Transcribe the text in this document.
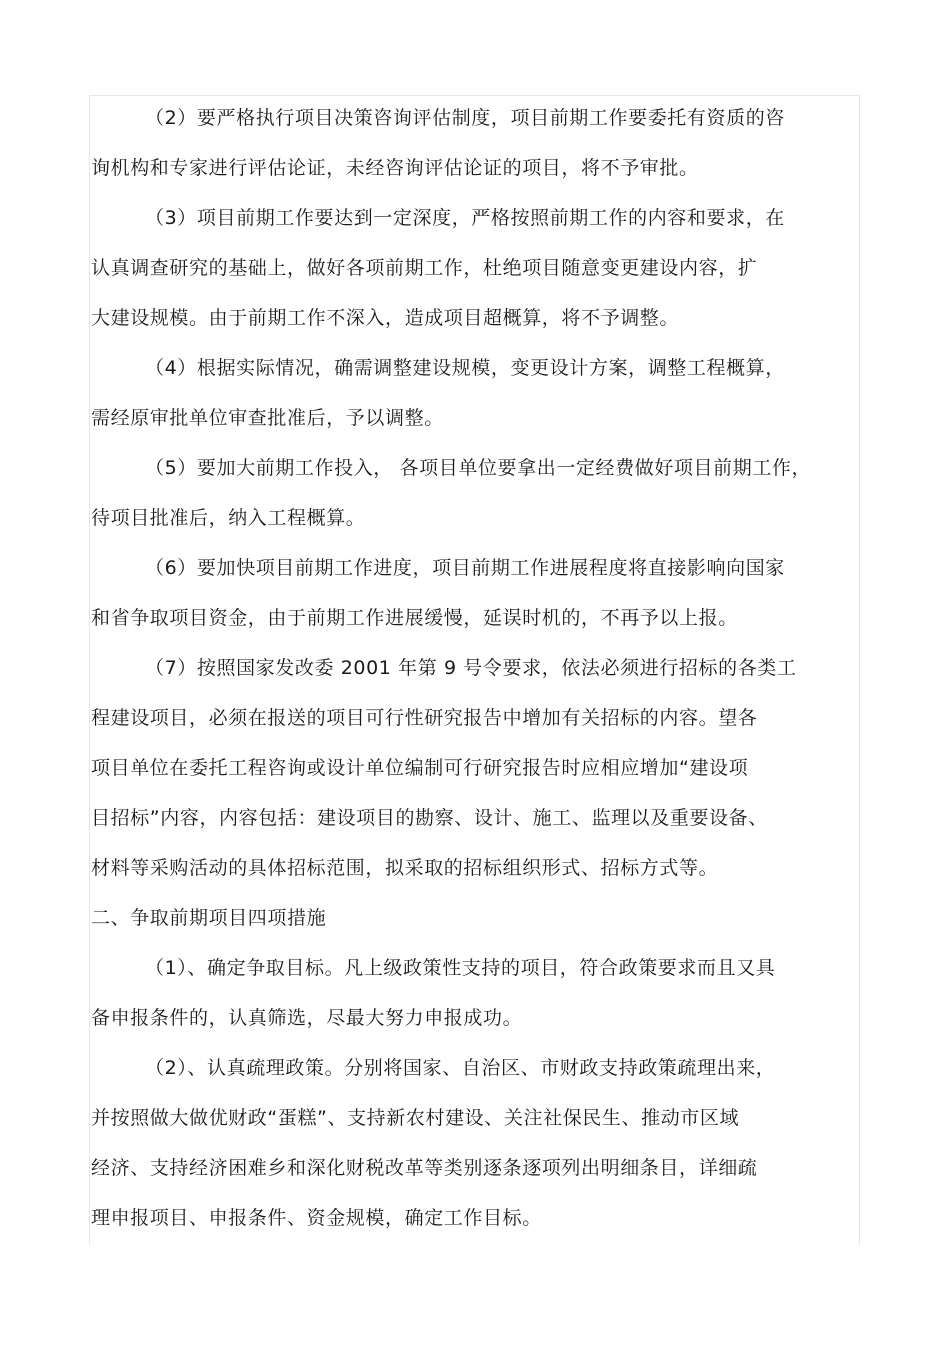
（2）要严格执行项目决策咨询评估制度，项目前期工作要委托有资质的咨
询机构和专家进行评估论证，未经咨询评估论证的项目，将不予审批。
（3）项目前期工作要达到一定深度，严格按照前期工作的内容和要求，在
认真调查研究的基础上，做好各项前期工作，杜绝项目随意变更建设内容，扩
大建设规模。由于前期工作不深入，造成项目超概算，将不予调整。
（4）根据实际情况，确需调整建设规模，变更设计方案，调整工程概算，
需经原审批单位审查批准后，予以调整。
（5）要加大前期工作投入， 各项目单位要拿出一定经费做好项目前期工作，
待项目批准后，纳入工程概算。
（6）要加快项目前期工作进度，项目前期工作进展程度将直接影响向国家
和省争取项目资金，由于前期工作进展缓慢，延误时机的，不再予以上报。
（7）按照国家发改委 2001 年第 9 号令要求，依法必须进行招标的各类工
程建设项目，必须在报送的项目可行性研究报告中增加有关招标的内容。望各
项目单位在委托工程咨询或设计单位编制可行研究报告时应相应增加“建设项
目招标”内容，内容包括：建设项目的勘察、设计、施工、监理以及重要设备、
材料等采购活动的具体招标范围，拟采取的招标组织形式、招标方式等。
二、争取前期项目四项措施
（1）、确定争取目标。凡上级政策性支持的项目，符合政策要求而且又具
备申报条件的，认真筛选，尽最大努力申报成功。
（2）、认真疏理政策。分别将国家、自治区、市财政支持政策疏理出来，
并按照做大做优财政“蛋糕”、支持新农村建设、关注社保民生、推动市区域
经济、支持经济困难乡和深化财税改革等类别逐条逐项列出明细条目，详细疏
理申报项目、申报条件、资金规模，确定工作目标。
